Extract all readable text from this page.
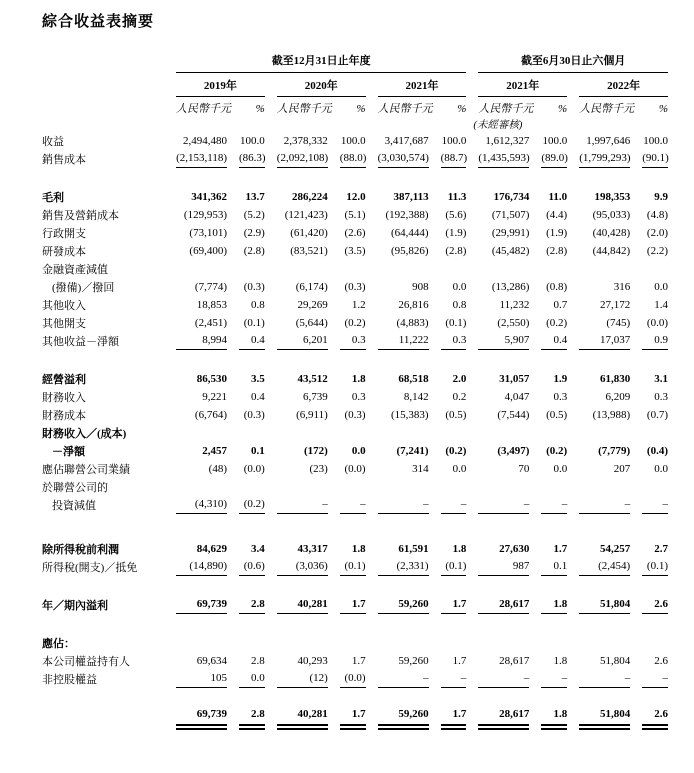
綜合收益表摘要

	截至12月31日止年度						截至6月30日止六個月			

	2019年		2020年		2021年		2021年		2022年	

	人民幣千元	%	人民幣千元	%	人民幣千元	%	人民幣千元	%	人民幣千元	%
							(未經審核)			
收益	2,494,480	100.0	2,378,332	100.0	3,417,687	100.0	1,612,327	100.0	1,997,646	100.0

銷售成本	(2,153,118)	(86.3)	(2,092,108)	(88.0)	(3,030,574)	(88.7)	(1,435,593)	(89.0)	(1,799,293)	(90.1)

毛利	341,362	13.7	286,224	12.0	387,113	11.3	176,734	11.0	198,353	9.9

銷售及營銷成本	(129,953)	(5.2)	(121,423)	(5.1)	(192,388)	(5.6)	(71,507)	(4.4)	(95,033)	(4.8)

行政開支	(73,101)	(2.9)	(61,420)	(2.6)	(64,444)	(1.9)	(29,991)	(1.9)	(40,428)	(2.0)

研發成本	(69,400)	(2.8)	(83,521)	(3.5)	(95,826)	(2.8)	(45,482)	(2.8)	(44,842)	(2.2)

金融資產減值										
(撥備)／撥回	(7,774)	(0.3)	(6,174)	(0.3)	908	0.0	(13,286)	(0.8)	316	0.0

其他收入	18,853	0.8	29,269	1.2	26,816	0.8	11,232	0.7	27,172	1.4

其他開支	(2,451)	(0.1)	(5,644)	(0.2)	(4,883)	(0.1)	(2,550)	(0.2)	(745)	(0.0)

其他收益－淨額	8,994	0.4	6,201	0.3	11,222	0.3	5,907	0.4	17,037	0.9

經營溢利	86,530	3.5	43,512	1.8	68,518	2.0	31,057	1.9	61,830	3.1

財務收入	9,221	0.4	6,739	0.3	8,142	0.2	4,047	0.3	6,209	0.3

財務成本	(6,764)	(0.3)	(6,911)	(0.3)	(15,383)	(0.5)	(7,544)	(0.5)	(13,988)	(0.7)

財務收入／(成本)										
－淨額	2,457	0.1	(172)	0.0	(7,241)	(0.2)	(3,497)	(0.2)	(7,779)	(0.4)

應佔聯營公司業績	(48)	(0.0)	(23)	(0.0)	314	0.0	70	0.0	207	0.0

於聯營公司的										
投資減值	(4,310)	(0.2)	–	–	–	–	–	–	–	–

除所得稅前利潤	84,629	3.4	43,317	1.8	61,591	1.8	27,630	1.7	54,257	2.7

所得稅(開支)／抵免	(14,890)	(0.6)	(3,036)	(0.1)	(2,331)	(0.1)	987	0.1	(2,454)	(0.1)

年／期內溢利	69,739	2.8	40,281	1.7	59,260	1.7	28,617	1.8	51,804	2.6

應佔：										
本公司權益持有人	69,634	2.8	40,293	1.7	59,260	1.7	28,617	1.8	51,804	2.6

非控股權益	105	0.0	(12)	(0.0)	–	–	–	–	–	–

	69,739	2.8	40,281	1.7	59,260	1.7	28,617	1.8	51,804	2.6
